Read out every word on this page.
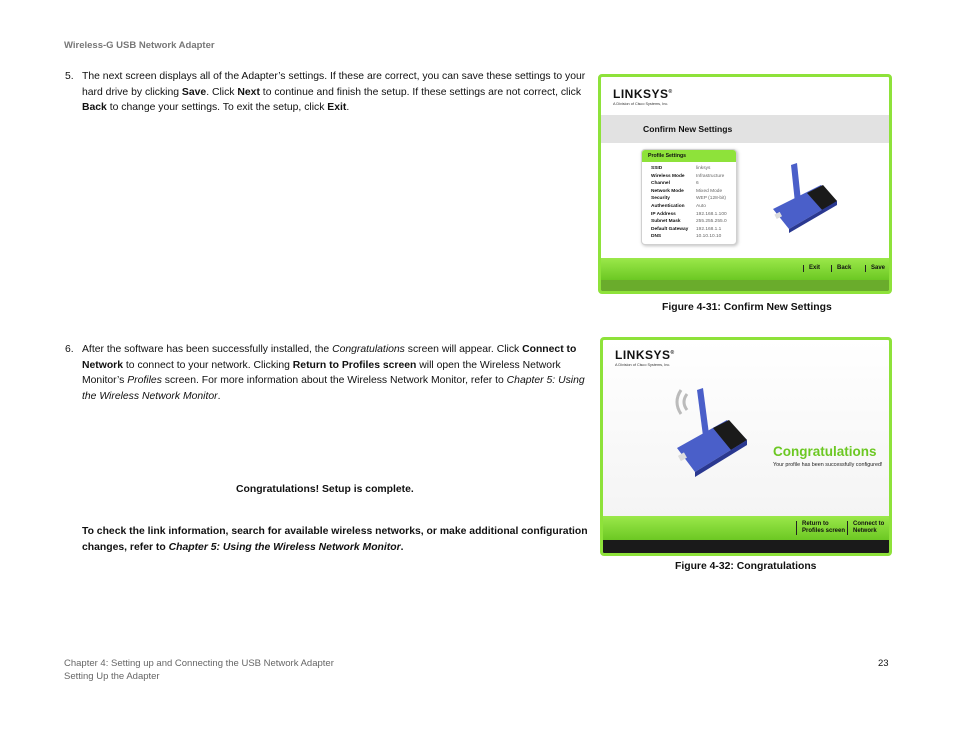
Wireless-G USB Network Adapter
5. The next screen displays all of the Adapter’s settings. If these are correct, you can save these settings to your hard drive by clicking Save. Click Next to continue and finish the setup. If these settings are not correct, click Back to change your settings. To exit the setup, click Exit.
LINKSYS®
A Division of Cisco Systems, Inc.
Confirm New Settings
Profile Settings
SSID	linksys
Wireless Mode	Infrastructure
Channel	6
Network Mode	Mixed Mode
Security	WEP (128-bit)
Authentication	Auto
IP Address	192.168.1.100
Subnet Mask	255.255.255.0
Default Gateway	192.168.1.1
DNS	10.10.10.10
Exit	Back	Save
Figure 4-31: Confirm New Settings
6. After the software has been successfully installed, the Congratulations screen will appear. Click Connect to Network to connect to your network. Clicking Return to Profiles screen will open the Wireless Network Monitor’s Profiles screen. For more information about the Wireless Network Monitor, refer to Chapter 5: Using the Wireless Network Monitor.
LINKSYS®
A Division of Cisco Systems, Inc.
Congratulations
Your profile has been successfully configured!
Return to
Profiles screen
Connect to
Network
Figure 4-32: Congratulations
Congratulations! Setup is complete.
To check the link information, search for available wireless networks, or make additional configuration changes, refer to Chapter 5: Using the Wireless Network Monitor.
Chapter 4: Setting up and Connecting the USB Network Adapter
Setting Up the Adapter
23
